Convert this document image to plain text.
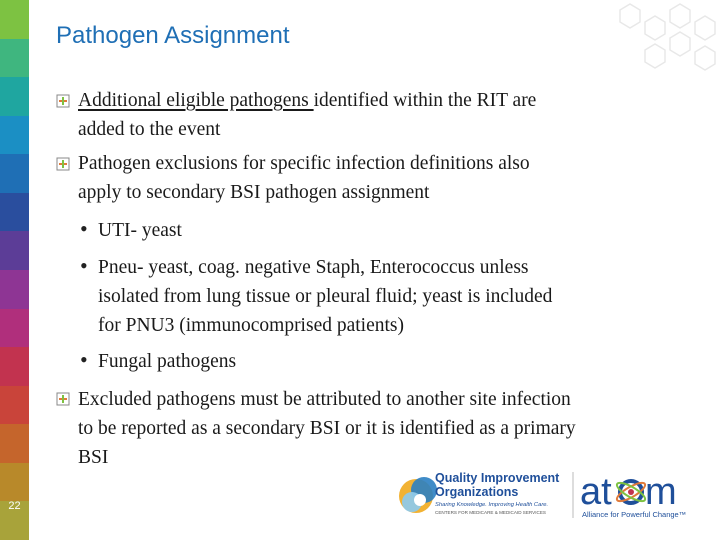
22
Pathogen Assignment
Additional eligible pathogens identified within the RIT are
added to the event
Pathogen exclusions for specific infection definitions also
apply to secondary BSI pathogen assignment
• UTI- yeast
• Pneu- yeast, coag. negative Staph, Enterococcus unless
isolated from lung tissue or pleural fluid; yeast is included
for PNU3 (immunocomprised patients)
• Fungal pathogens
Excluded pathogens must be attributed to another site infection
to be reported as a secondary BSI or it is identified as a primary
BSI
Quality Improvement
Organizations
Sharing Knowledge. Improving Health Care.
CENTERS FOR MEDICARE & MEDICAID SERVICES at m
Alliance for Powerful Change™
